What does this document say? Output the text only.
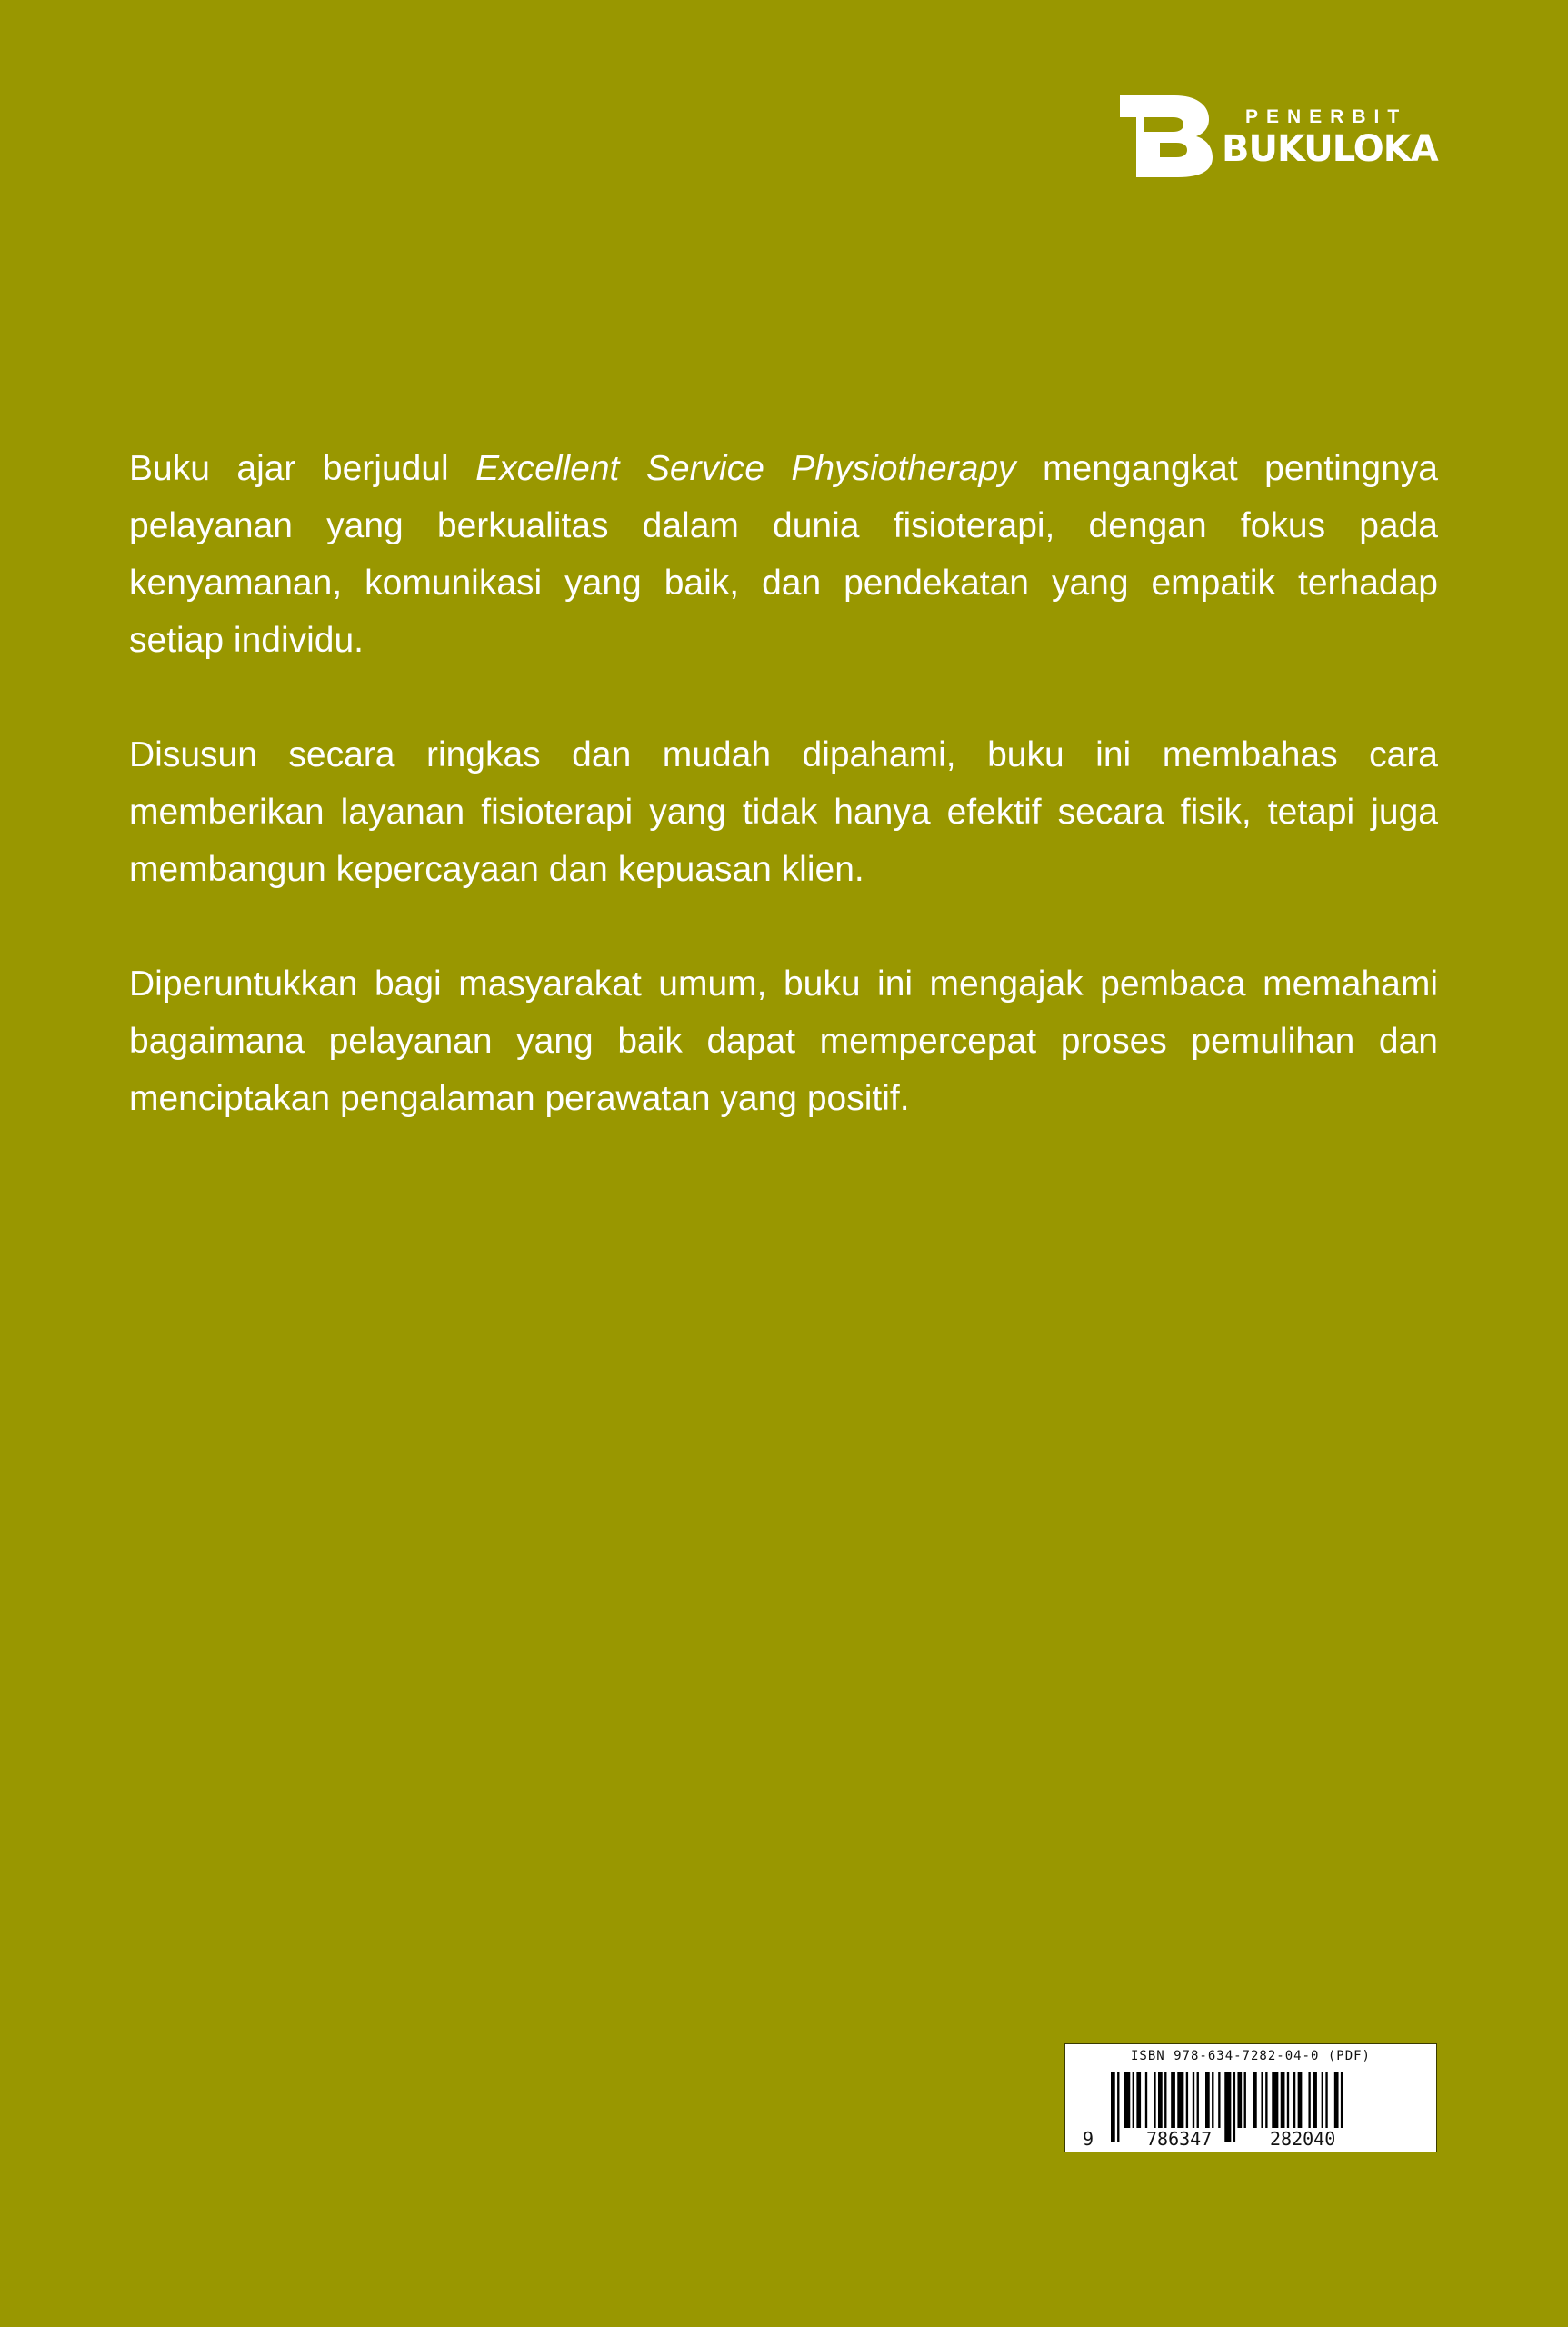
PENERBIT
BUKULOKA

Buku ajar berjudul Excellent Service Physiotherapy mengangkat pentingnya pelayanan yang berkualitas dalam dunia fisioterapi, dengan fokus pada kenyamanan, komunikasi yang baik, dan pendekatan yang empatik terhadap setiap individu.

Disusun secara ringkas dan mudah dipahami, buku ini membahas cara memberikan layanan fisioterapi yang tidak hanya efektif secara fisik, tetapi juga membangun kepercayaan dan kepuasan klien.

Diperuntukkan bagi masyarakat umum, buku ini mengajak pembaca memahami bagaimana pelayanan yang baik dapat mempercepat proses pemulihan dan menciptakan pengalaman perawatan yang positif.

ISBN 978-634-7282-04-0 (PDF)
9	786347	282040
